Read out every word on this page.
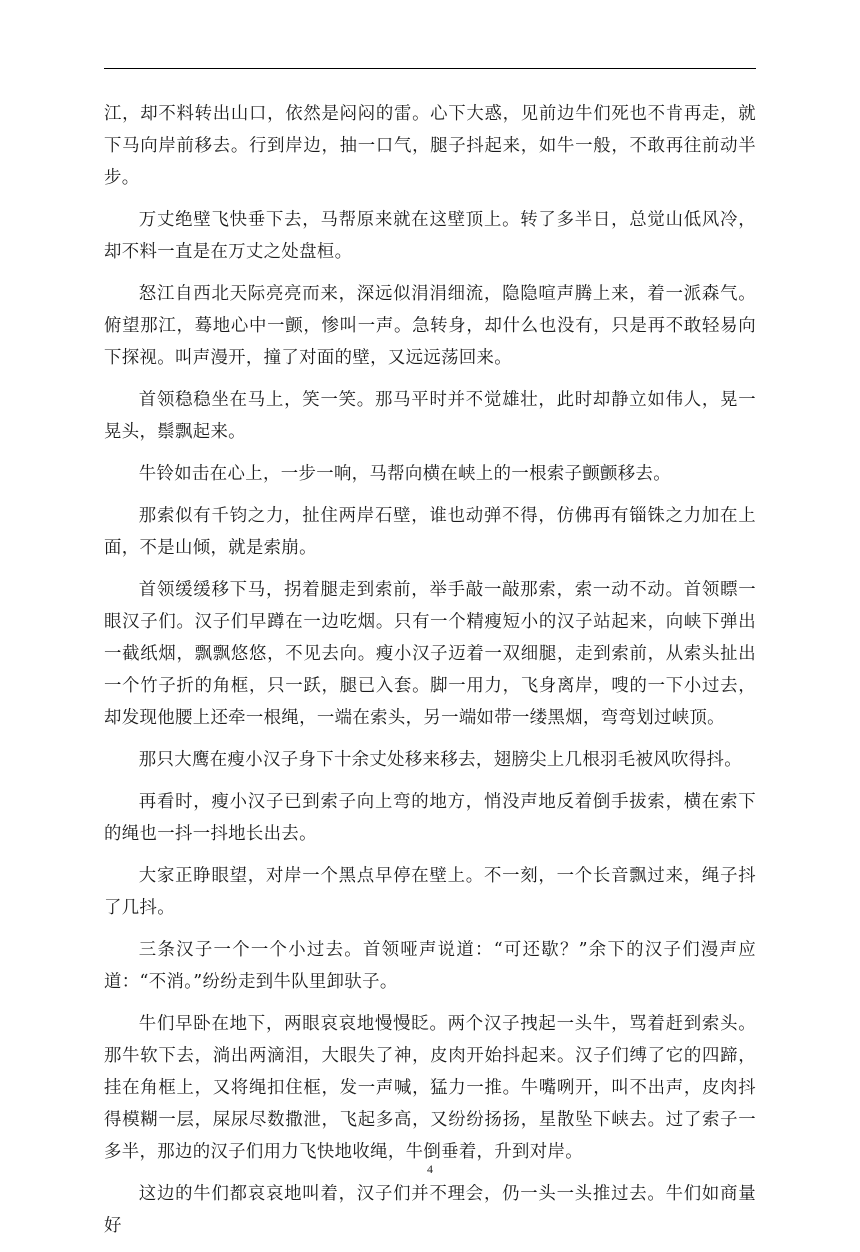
江，却不料转出山口，依然是闷闷的雷。心下大惑，见前边牛们死也不肯再走，就下马向岸前移去。行到岸边，抽一口气，腿子抖起来，如牛一般，不敢再往前动半步。

万丈绝壁飞快垂下去，马帮原来就在这壁顶上。转了多半日，总觉山低风冷，却不料一直是在万丈之处盘桓。

怒江自西北天际亮亮而来，深远似涓涓细流，隐隐喧声腾上来，着一派森气。俯望那江，蓦地心中一颤，惨叫一声。急转身，却什么也没有，只是再不敢轻易向下探视。叫声漫开，撞了对面的壁，又远远荡回来。

首领稳稳坐在马上，笑一笑。那马平时并不觉雄壮，此时却静立如伟人，晃一晃头，鬃飘起来。

牛铃如击在心上，一步一响，马帮向横在峡上的一根索子颤颤移去。

那索似有千钧之力，扯住两岸石壁，谁也动弹不得，仿佛再有锱铢之力加在上面，不是山倾，就是索崩。

首领缓缓移下马，拐着腿走到索前，举手敲一敲那索，索一动不动。首领瞟一眼汉子们。汉子们早蹲在一边吃烟。只有一个精瘦短小的汉子站起来，向峡下弹出一截纸烟，飘飘悠悠，不见去向。瘦小汉子迈着一双细腿，走到索前，从索头扯出一个竹子折的角框，只一跃，腿已入套。脚一用力，飞身离岸，嗖的一下小过去，却发现他腰上还牵一根绳，一端在索头，另一端如带一缕黑烟，弯弯划过峡顶。

那只大鹰在瘦小汉子身下十余丈处移来移去，翅膀尖上几根羽毛被风吹得抖。

再看时，瘦小汉子已到索子向上弯的地方，悄没声地反着倒手拔索，横在索下的绳也一抖一抖地长出去。

大家正睁眼望，对岸一个黑点早停在壁上。不一刻，一个长音飘过来，绳子抖了几抖。

三条汉子一个一个小过去。首领哑声说道：“可还歇？”余下的汉子们漫声应道：“不消。”纷纷走到牛队里卸驮子。

牛们早卧在地下，两眼哀哀地慢慢眨。两个汉子拽起一头牛，骂着赶到索头。那牛软下去，淌出两滴泪，大眼失了神，皮肉开始抖起来。汉子们缚了它的四蹄，挂在角框上，又将绳扣住框，发一声喊，猛力一推。牛嘴咧开，叫不出声，皮肉抖得模糊一层，屎尿尽数撒泄，飞起多高，又纷纷扬扬，星散坠下峡去。过了索子一多半，那边的汉子们用力飞快地收绳，牛倒垂着，升到对岸。

这边的牛们都哀哀地叫着，汉子们并不理会，仍一头一头推过去。牛们如商量好

4
